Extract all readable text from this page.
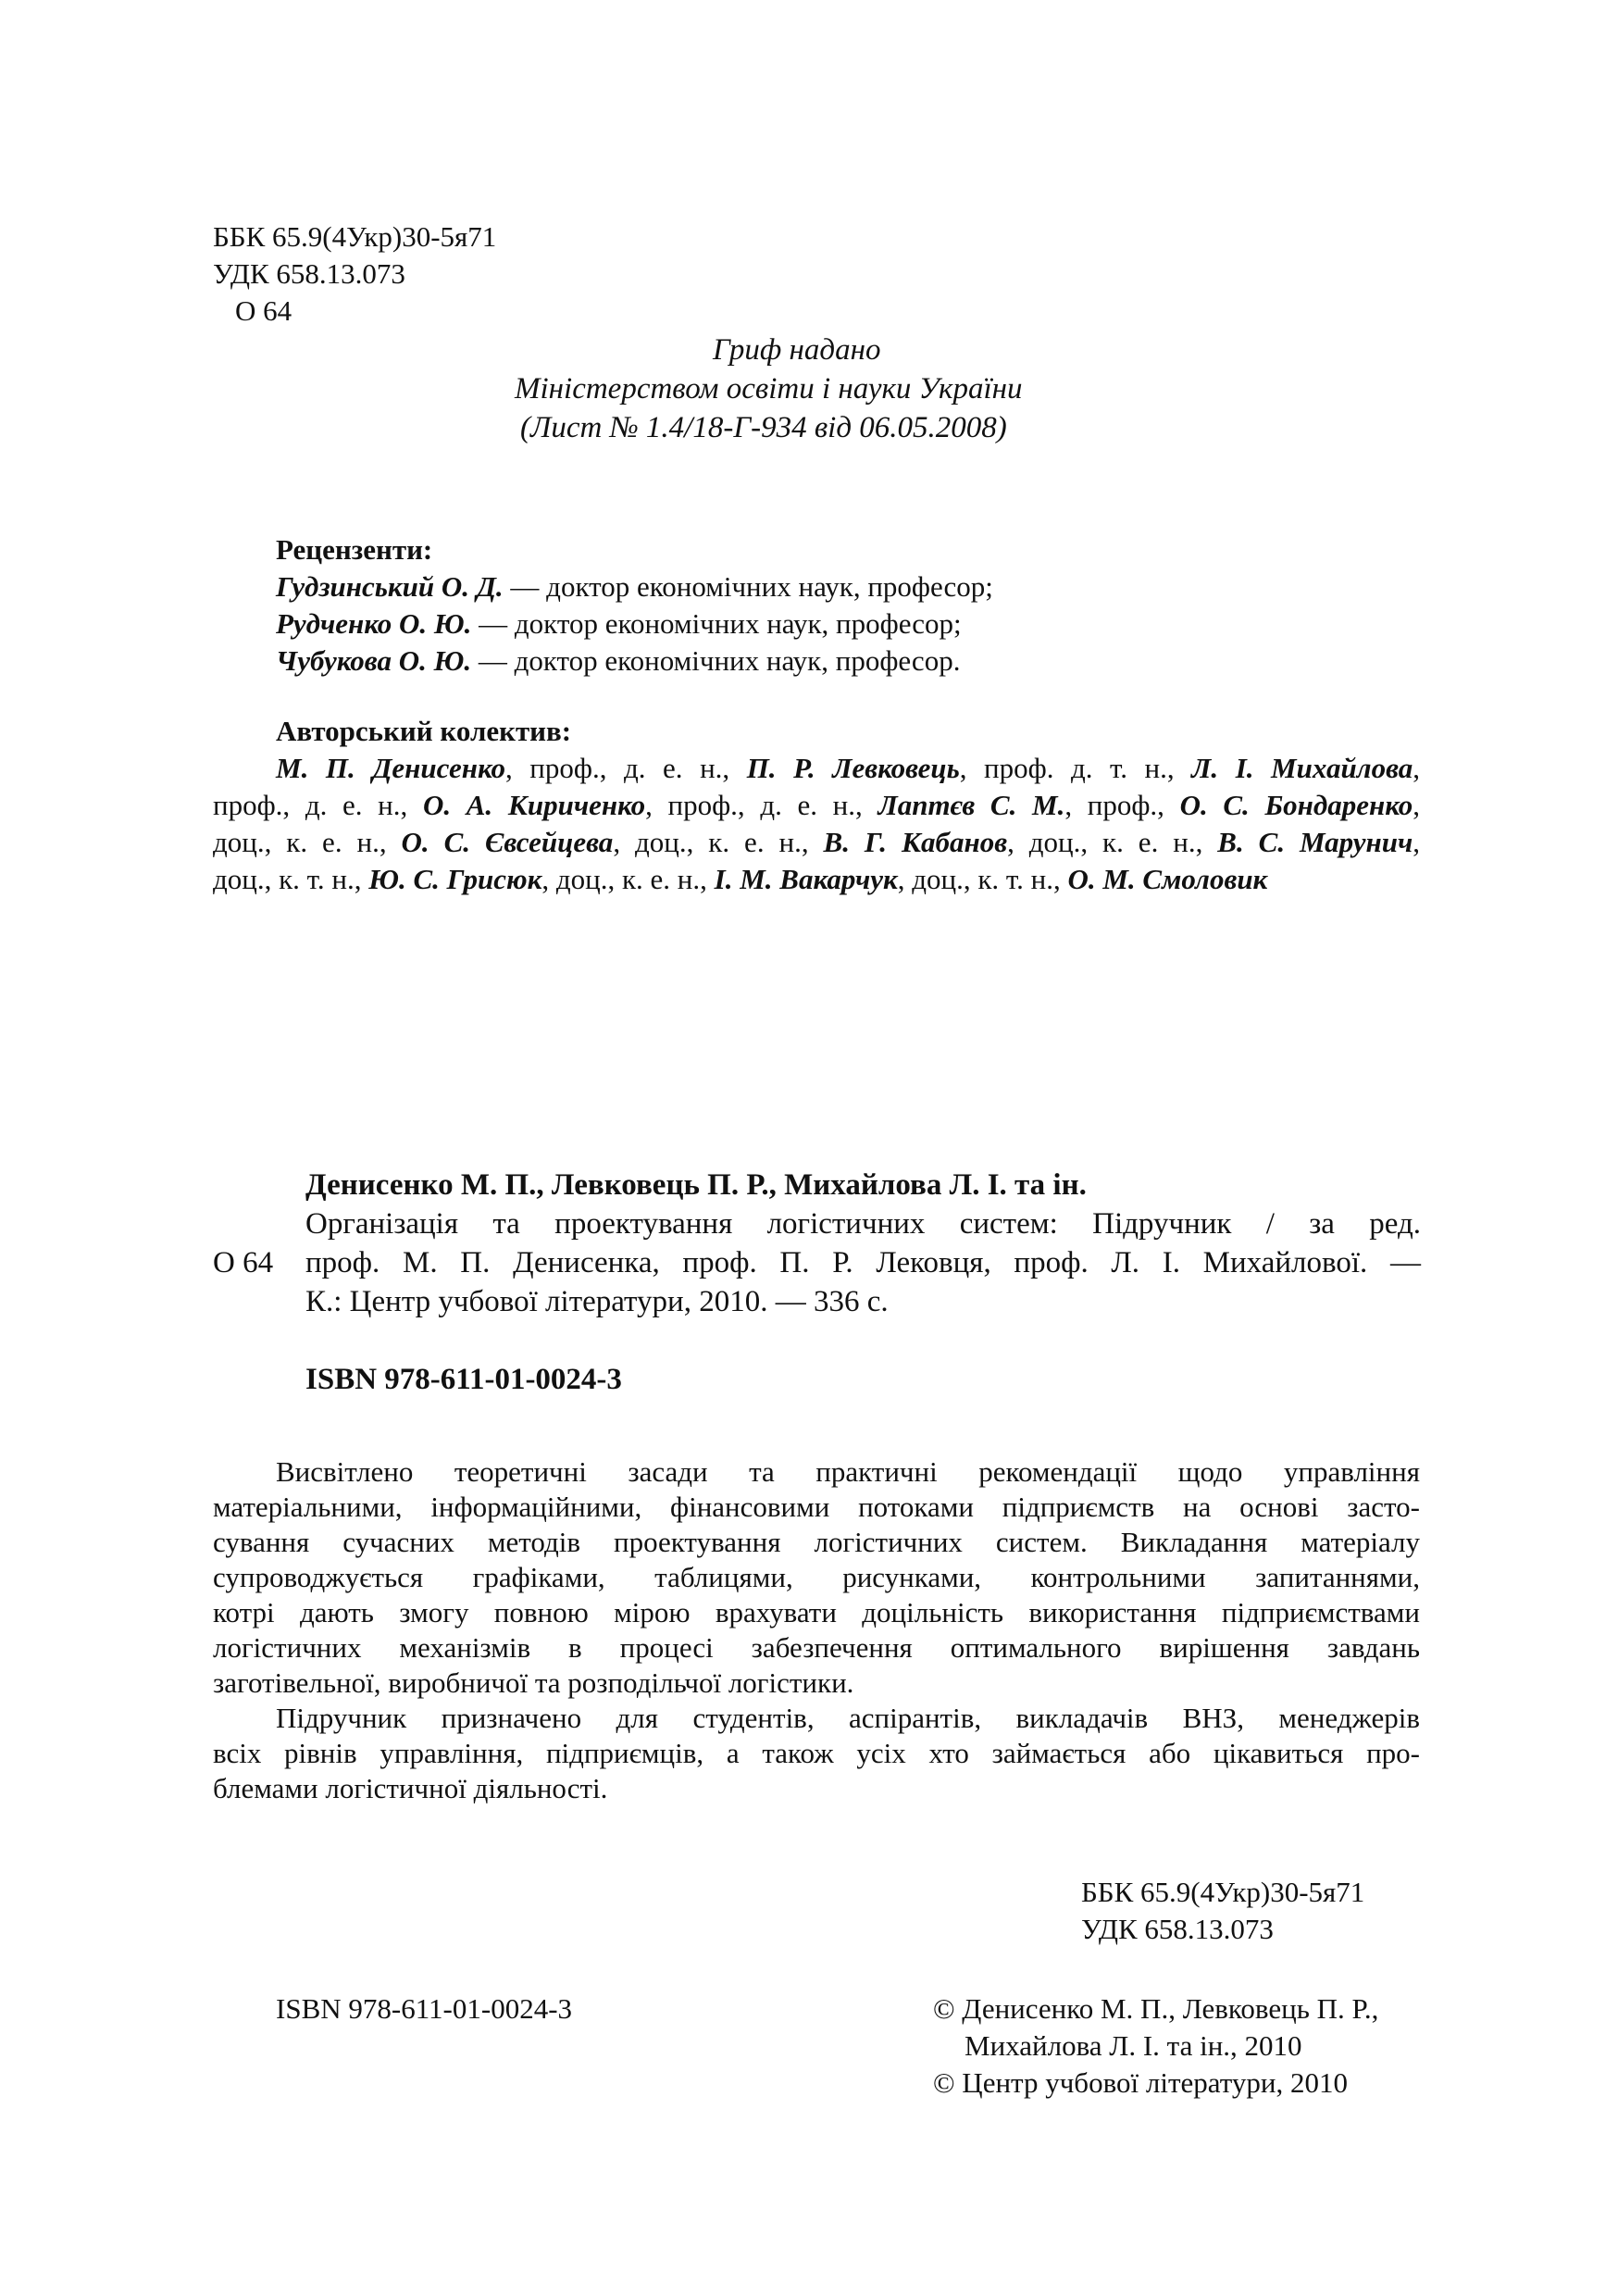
ББК 65.9(4Укр)30-5я71
УДК 658.13.073
О 64
Гриф надано
Міністерством освіти і науки України
(Лист № 1.4/18-Г-934 від 06.05.2008)
Рецензенти:
Гудзинський О. Д. — доктор економічних наук, професор;
Рудченко О. Ю. — доктор економічних наук, професор;
Чубукова О. Ю. — доктор економічних наук, професор.
Авторський колектив:
М. П. Денисенко, проф., д. е. н., П. Р. Левковець, проф. д. т. н., Л. І. Михайлова,
проф., д. е. н., О. А. Кириченко, проф., д. е. н., Лаптєв С. М., проф., О. С. Бондаренко,
доц., к. е. н., О. С. Євсейцева, доц., к. е. н., В. Г. Кабанов, доц., к. е. н., В. С. Марунич,
доц., к. т. н., Ю. С. Грисюк, доц., к. е. н., І. М. Вакарчук, доц., к. т. н., О. М. Смоловик
Денисенко М. П., Левковець П. Р., Михайлова Л. І. та ін.
Організація та проектування логістичних систем: Підручник / за ред.
О 64 проф. М. П. Денисенка, проф. П. Р. Лековця, проф. Л. І. Михайлової. —
К.: Центр учбової літератури, 2010. — 336 с.
ISBN 978-611-01-0024-3
Висвітлено теоретичні засади та практичні рекомендації щодо управління
матеріальними, інформаційними, фінансовими потоками підприємств на основі засто-
сування сучасних методів проектування логістичних систем. Викладання матеріалу
супроводжується графіками, таблицями, рисунками, контрольними запитаннями,
котрі дають змогу повною мірою врахувати доцільність використання підприємствами
логістичних механізмів в процесі забезпечення оптимального вирішення завдань
заготівельної, виробничої та розподільчої логістики.
Підручник призначено для студентів, аспірантів, викладачів ВНЗ, менеджерів
всіх рівнів управління, підприємців, а також усіх хто займається або цікавиться про-
блемами логістичної діяльності.
ББК 65.9(4Укр)30-5я71
УДК 658.13.073
ISBN 978-611-01-0024-3	© Денисенко М. П., Левковець П. Р.,
Михайлова Л. І. та ін., 2010
© Центр учбової літератури, 2010
